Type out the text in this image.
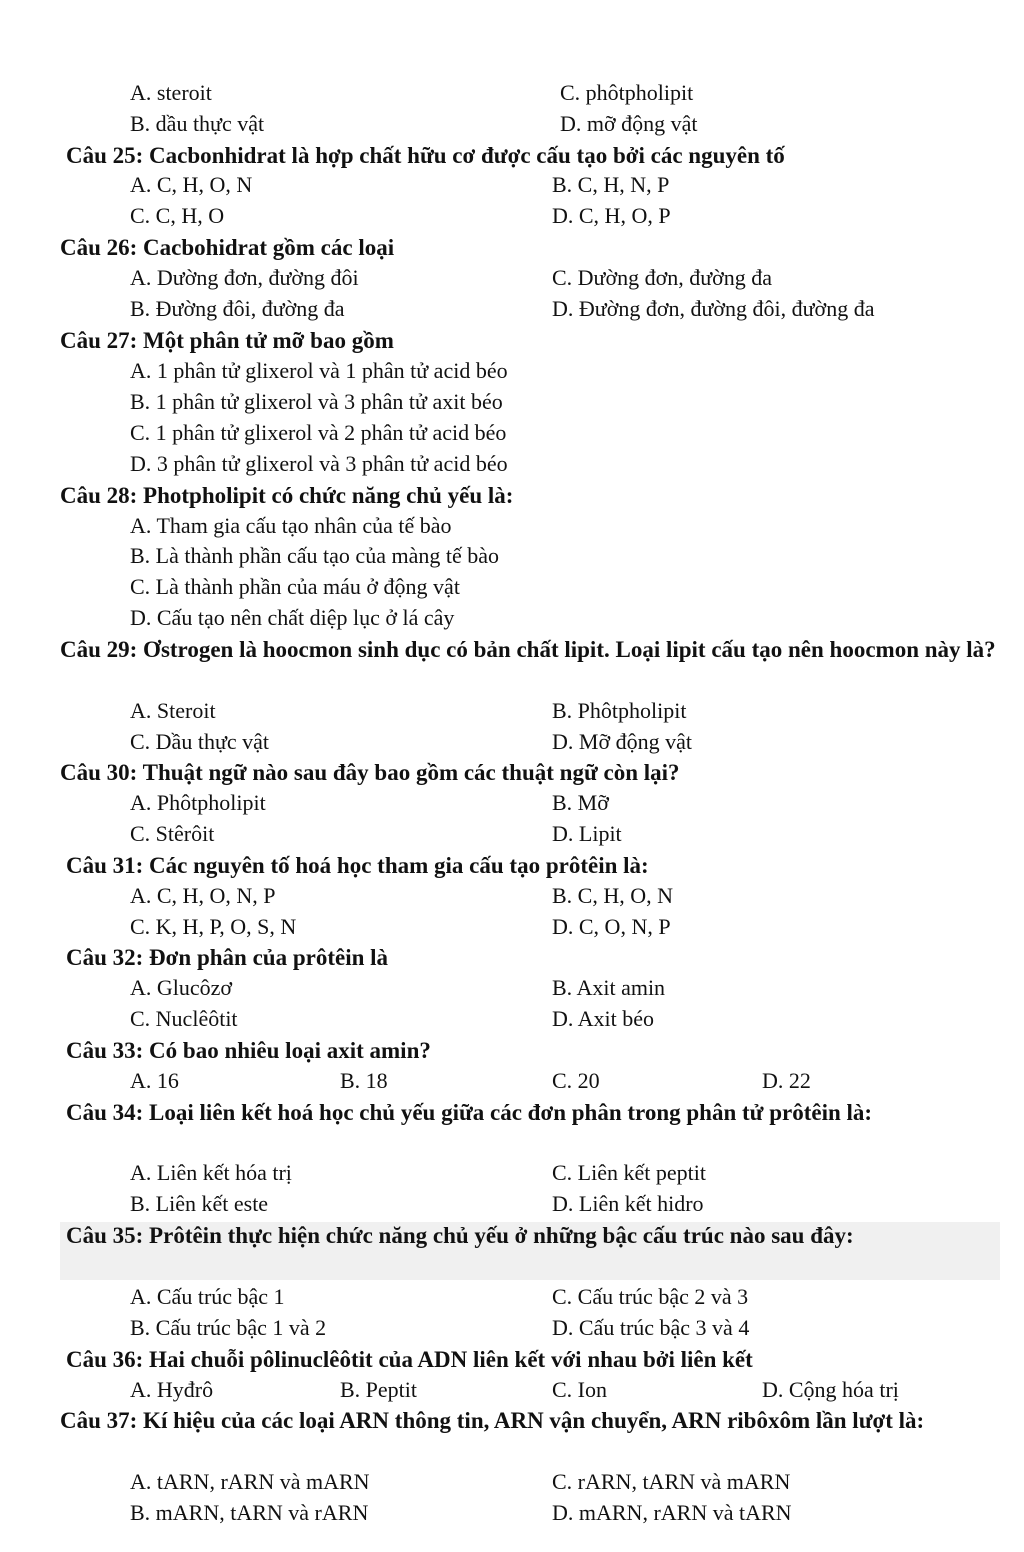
A. steroit	C. phôtpholipit
B. dầu thực vật	D. mỡ động vật
Câu 25: Cacbonhidrat là hợp chất hữu cơ được cấu tạo bởi các nguyên tố
A. C, H, O, N	B. C, H, N, P
C. C, H, O	D. C, H, O, P
Câu 26: Cacbohidrat gồm các loại
A. Dường đơn, đường đôi	C. Dường đơn, đường đa
B. Đường đôi, đường đa	D. Đường đơn, đường đôi, đường đa
Câu 27: Một phân tử mỡ bao gồm
A. 1 phân tử glixerol và 1 phân tử acid béo
B. 1 phân tử glixerol và 3 phân tử axit béo
C. 1 phân tử glixerol và 2 phân tử acid béo
D. 3 phân tử glixerol và 3 phân tử acid béo
Câu 28: Photpholipit có chức năng chủ yếu là:
A. Tham gia cấu tạo nhân của tế bào
B. Là thành phần cấu tạo của màng tế bào
C. Là thành phần của máu ở động vật
D. Cấu tạo nên chất diệp lục ở lá cây
Câu 29: Ơstrogen là hoocmon sinh dục có bản chất lipit. Loại lipit cấu tạo nên hoocmon này là?
A. Steroit	B. Phôtpholipit
C. Dầu thực vật	D. Mỡ động vật
Câu 30: Thuật ngữ nào sau đây bao gồm các thuật ngữ còn lại?
A. Phôtpholipit	B. Mỡ
C. Stêrôit	D. Lipit
Câu 31: Các nguyên tố hoá học tham gia cấu tạo prôtêin là:
A. C, H, O, N, P	B. C, H, O, N
C. K, H, P, O, S, N	D. C, O, N, P
Câu 32: Đơn phân của prôtêin là
A. Glucôzơ	B. Axit amin
C. Nuclêôtit	D. Axit béo
Câu 33: Có bao nhiêu loại axit amin?
A. 16	B. 18	C. 20	D. 22
Câu 34: Loại liên kết hoá học chủ yếu giữa các đơn phân trong phân tử prôtêin là:
A. Liên kết hóa trị	C. Liên kết peptit
B. Liên kết este	D. Liên kết hidro
Câu 35: Prôtêin thực hiện chức năng chủ yếu ở những bậc cấu trúc nào sau đây:
A. Cấu trúc bậc 1	C. Cấu trúc bậc 2 và 3
B. Cấu trúc bậc 1 và 2	D. Cấu trúc bậc 3 và 4
Câu 36: Hai chuỗi pôlinuclêôtit của ADN liên kết với nhau bởi liên kết
A. Hyđrô	B. Peptit	C. Ion	D. Cộng hóa trị
Câu 37: Kí hiệu của các loại ARN thông tin, ARN vận chuyển, ARN ribôxôm lần lượt là:
A. tARN, rARN và mARN	C. rARN, tARN và mARN
B. mARN, tARN và rARN	D. mARN, rARN và tARN
